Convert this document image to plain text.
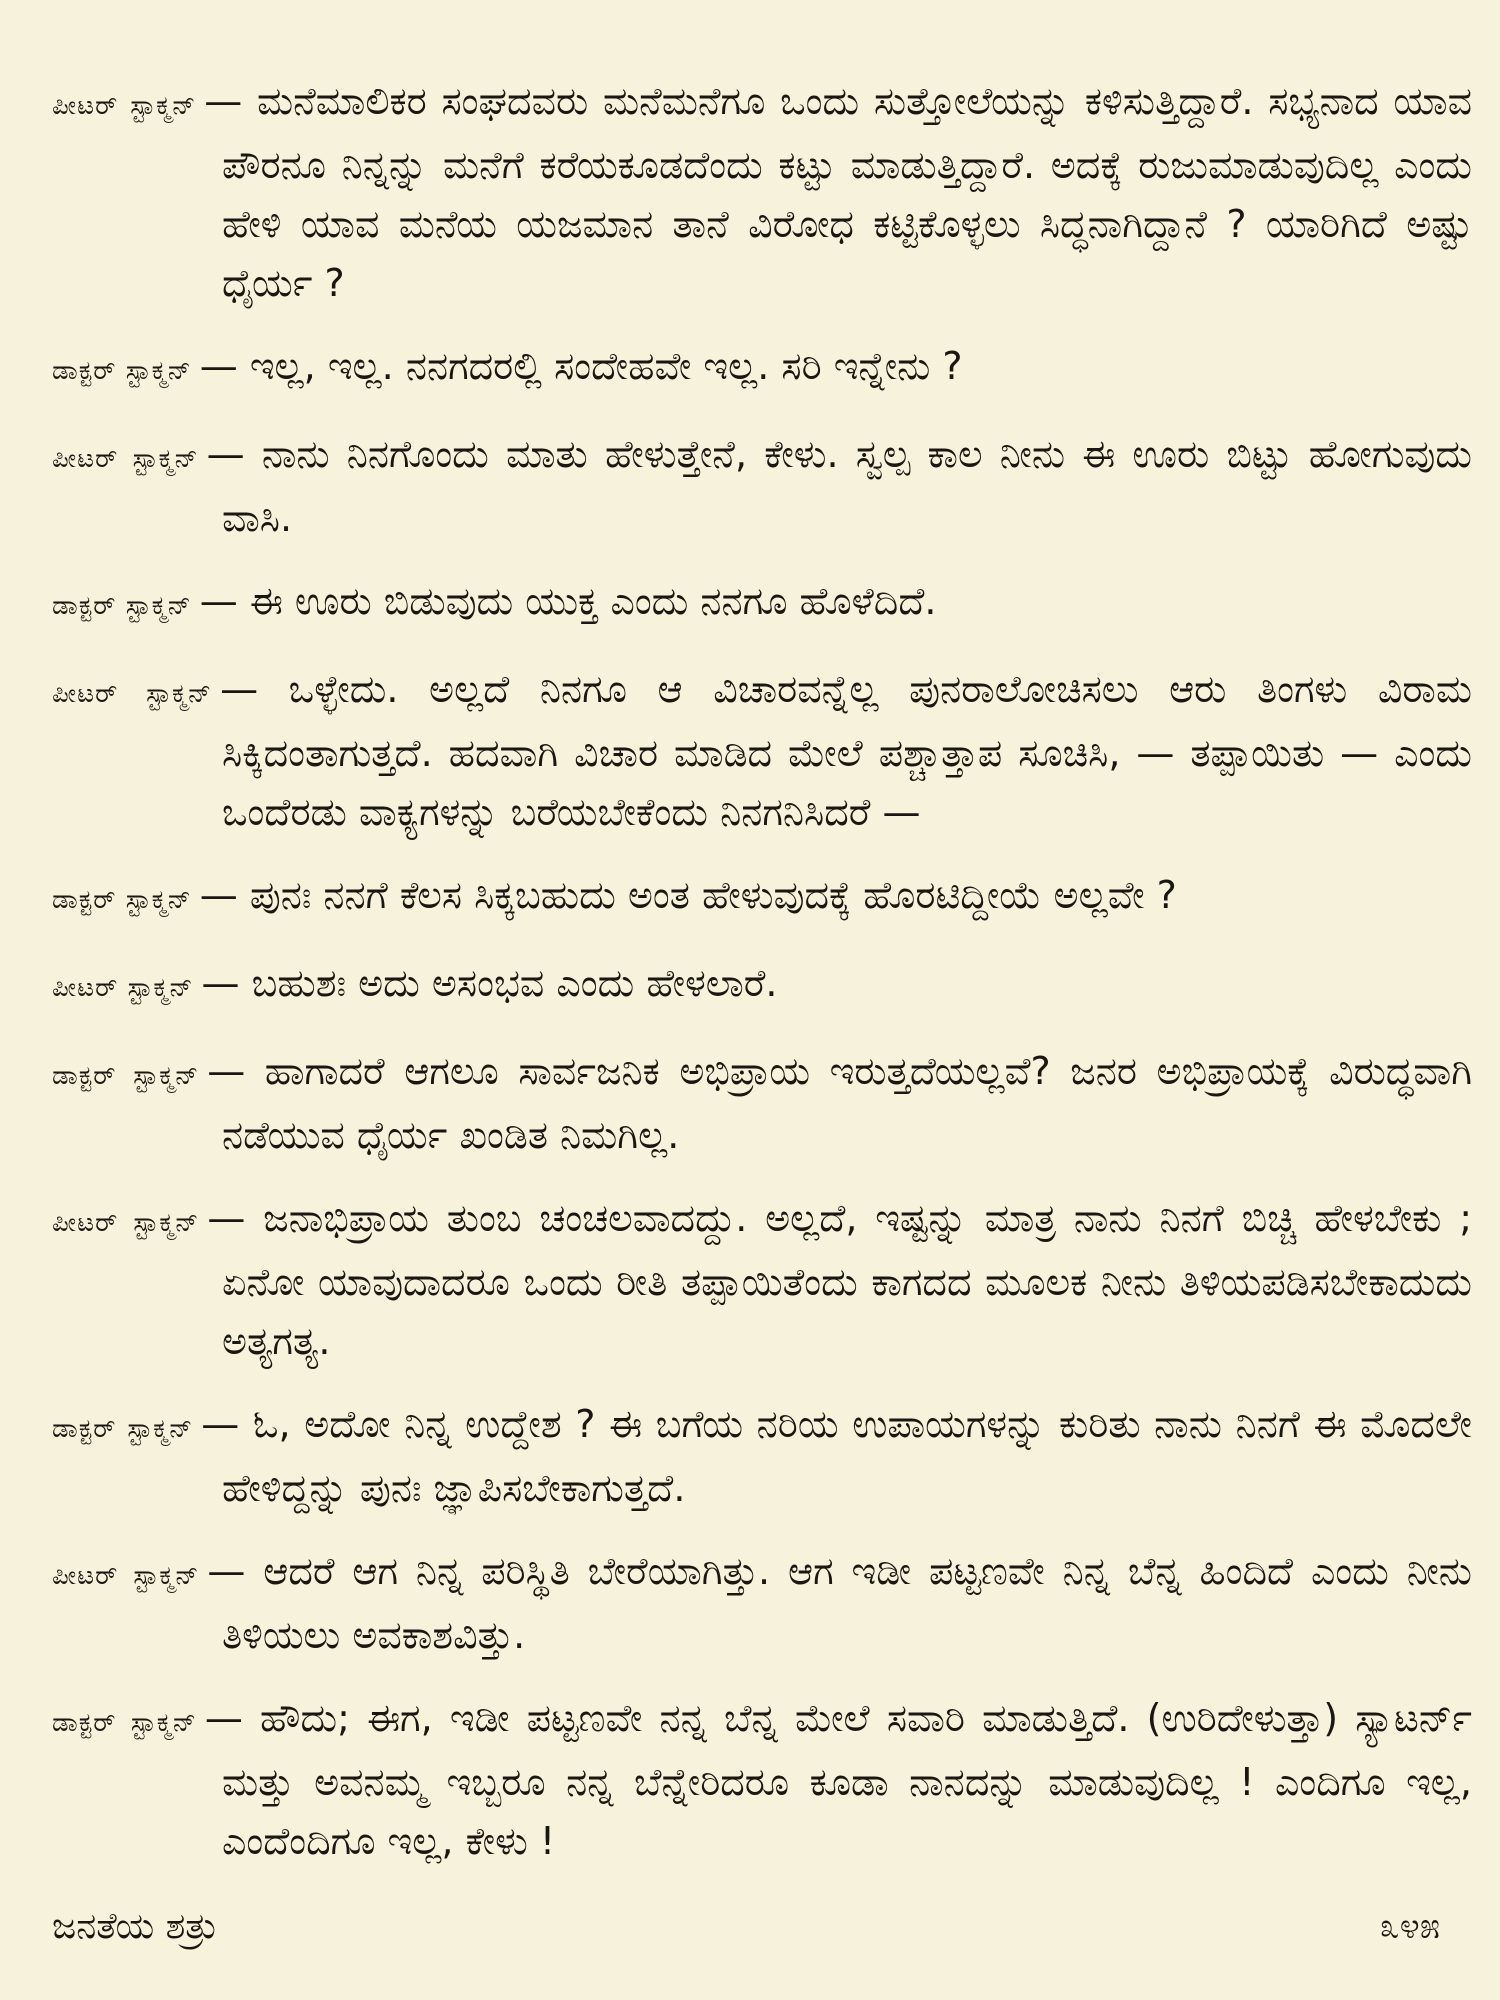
ಪೀಟರ್ ಸ್ಟಾಕ್ಮನ್ — ಮನೆಮಾಲಿಕರ ಸಂಘದವರು ಮನೆಮನೆಗೂ ಒಂದು ಸುತ್ತೋಲೆಯನ್ನು ಕಳಿಸುತ್ತಿದ್ದಾರೆ. ಸಭ್ಯನಾದ ಯಾವ ಪೌರನೂ ನಿನ್ನನ್ನು ಮನೆಗೆ ಕರೆಯಕೂಡದೆಂದು ಕಟ್ಟು ಮಾಡುತ್ತಿದ್ದಾರೆ. ಅದಕ್ಕೆ ರುಜುಮಾಡುವುದಿಲ್ಲ ಎಂದು ಹೇಳಿ ಯಾವ ಮನೆಯ ಯಜಮಾನ ತಾನೆ ವಿರೋಧ ಕಟ್ಟಿಕೊಳ್ಳಲು ಸಿದ್ಧನಾಗಿದ್ದಾನೆ ? ಯಾರಿಗಿದೆ ಅಷ್ಟು ಧೈರ್ಯ ?
ಡಾಕ್ಟರ್ ಸ್ಟಾಕ್ಮನ್ — ಇಲ್ಲ, ಇಲ್ಲ. ನನಗದರಲ್ಲಿ ಸಂದೇಹವೇ ಇಲ್ಲ. ಸರಿ ಇನ್ನೇನು ?
ಪೀಟರ್ ಸ್ಟಾಕ್ಮನ್ — ನಾನು ನಿನಗೊಂದು ಮಾತು ಹೇಳುತ್ತೇನೆ, ಕೇಳು. ಸ್ವಲ್ಪ ಕಾಲ ನೀನು ಈ ಊರು ಬಿಟ್ಟು ಹೋಗುವುದು ವಾಸಿ.
ಡಾಕ್ಟರ್ ಸ್ಟಾಕ್ಮನ್ — ಈ ಊರು ಬಿಡುವುದು ಯುಕ್ತ ಎಂದು ನನಗೂ ಹೊಳೆದಿದೆ.
ಪೀಟರ್ ಸ್ಟಾಕ್ಮನ್ — ಒಳ್ಳೇದು. ಅಲ್ಲದೆ ನಿನಗೂ ಆ ವಿಚಾರವನ್ನೆಲ್ಲ ಪುನರಾಲೋಚಿಸಲು ಆರು ತಿಂಗಳು ವಿರಾಮ ಸಿಕ್ಕಿದಂತಾಗುತ್ತದೆ. ಹದವಾಗಿ ವಿಚಾರ ಮಾಡಿದ ಮೇಲೆ ಪಶ್ಚಾತ್ತಾಪ ಸೂಚಿಸಿ, — ತಪ್ಪಾಯಿತು — ಎಂದು ಒಂದೆರಡು ವಾಕ್ಯಗಳನ್ನು ಬರೆಯಬೇಕೆಂದು ನಿನಗನಿಸಿದರೆ —
ಡಾಕ್ಟರ್ ಸ್ಟಾಕ್ಮನ್ — ಪುನಃ ನನಗೆ ಕೆಲಸ ಸಿಕ್ಕಬಹುದು ಅಂತ ಹೇಳುವುದಕ್ಕೆ ಹೊರಟಿದ್ದೀಯೆ ಅಲ್ಲವೇ ?
ಪೀಟರ್ ಸ್ಟಾಕ್ಮನ್ — ಬಹುಶಃ ಅದು ಅಸಂಭವ ಎಂದು ಹೇಳಲಾರೆ.
ಡಾಕ್ಟರ್ ಸ್ಟಾಕ್ಮನ್ — ಹಾಗಾದರೆ ಆಗಲೂ ಸಾರ್ವಜನಿಕ ಅಭಿಪ್ರಾಯ ಇರುತ್ತದೆಯಲ್ಲವೆ? ಜನರ ಅಭಿಪ್ರಾಯಕ್ಕೆ ವಿರುದ್ಧವಾಗಿ ನಡೆಯುವ ಧೈರ್ಯ ಖಂಡಿತ ನಿಮಗಿಲ್ಲ.
ಪೀಟರ್ ಸ್ಟಾಕ್ಮನ್ — ಜನಾಭಿಪ್ರಾಯ ತುಂಬ ಚಂಚಲವಾದದ್ದು. ಅಲ್ಲದೆ, ಇಷ್ಟನ್ನು ಮಾತ್ರ ನಾನು ನಿನಗೆ ಬಿಚ್ಚಿ ಹೇಳಬೇಕು ; ಏನೋ ಯಾವುದಾದರೂ ಒಂದು ರೀತಿ ತಪ್ಪಾಯಿತೆಂದು ಕಾಗದದ ಮೂಲಕ ನೀನು ತಿಳಿಯಪಡಿಸಬೇಕಾದುದು ಅತ್ಯಗತ್ಯ.
ಡಾಕ್ಟರ್ ಸ್ಟಾಕ್ಮನ್ — ಓ, ಅದೋ ನಿನ್ನ ಉದ್ದೇಶ ? ಈ ಬಗೆಯ ನರಿಯ ಉಪಾಯಗಳನ್ನು ಕುರಿತು ನಾನು ನಿನಗೆ ಈ ಮೊದಲೇ ಹೇಳಿದ್ದನ್ನು ಪುನಃ ಜ್ಞಾಪಿಸಬೇಕಾಗುತ್ತದೆ.
ಪೀಟರ್ ಸ್ಟಾಕ್ಮನ್ — ಆದರೆ ಆಗ ನಿನ್ನ ಪರಿಸ್ಥಿತಿ ಬೇರೆಯಾಗಿತ್ತು. ಆಗ ಇಡೀ ಪಟ್ಟಣವೇ ನಿನ್ನ ಬೆನ್ನ ಹಿಂದಿದೆ ಎಂದು ನೀನು ತಿಳಿಯಲು ಅವಕಾಶವಿತ್ತು.
ಡಾಕ್ಟರ್ ಸ್ಟಾಕ್ಮನ್ — ಹೌದು; ಈಗ, ಇಡೀ ಪಟ್ಟಣವೇ ನನ್ನ ಬೆನ್ನ ಮೇಲೆ ಸವಾರಿ ಮಾಡುತ್ತಿದೆ. (ಉರಿದೇಳುತ್ತಾ) ಸ್ಯಾಟರ್ನ್ ಮತ್ತು ಅವನಮ್ಮ ಇಬ್ಬರೂ ನನ್ನ ಬೆನ್ನೇರಿದರೂ ಕೂಡಾ ನಾನದನ್ನು ಮಾಡುವುದಿಲ್ಲ ! ಎಂದಿಗೂ ಇಲ್ಲ, ಎಂದೆಂದಿಗೂ ಇಲ್ಲ, ಕೇಳು !
ಜನತೆಯ ಶತ್ರು	೩೪೫
